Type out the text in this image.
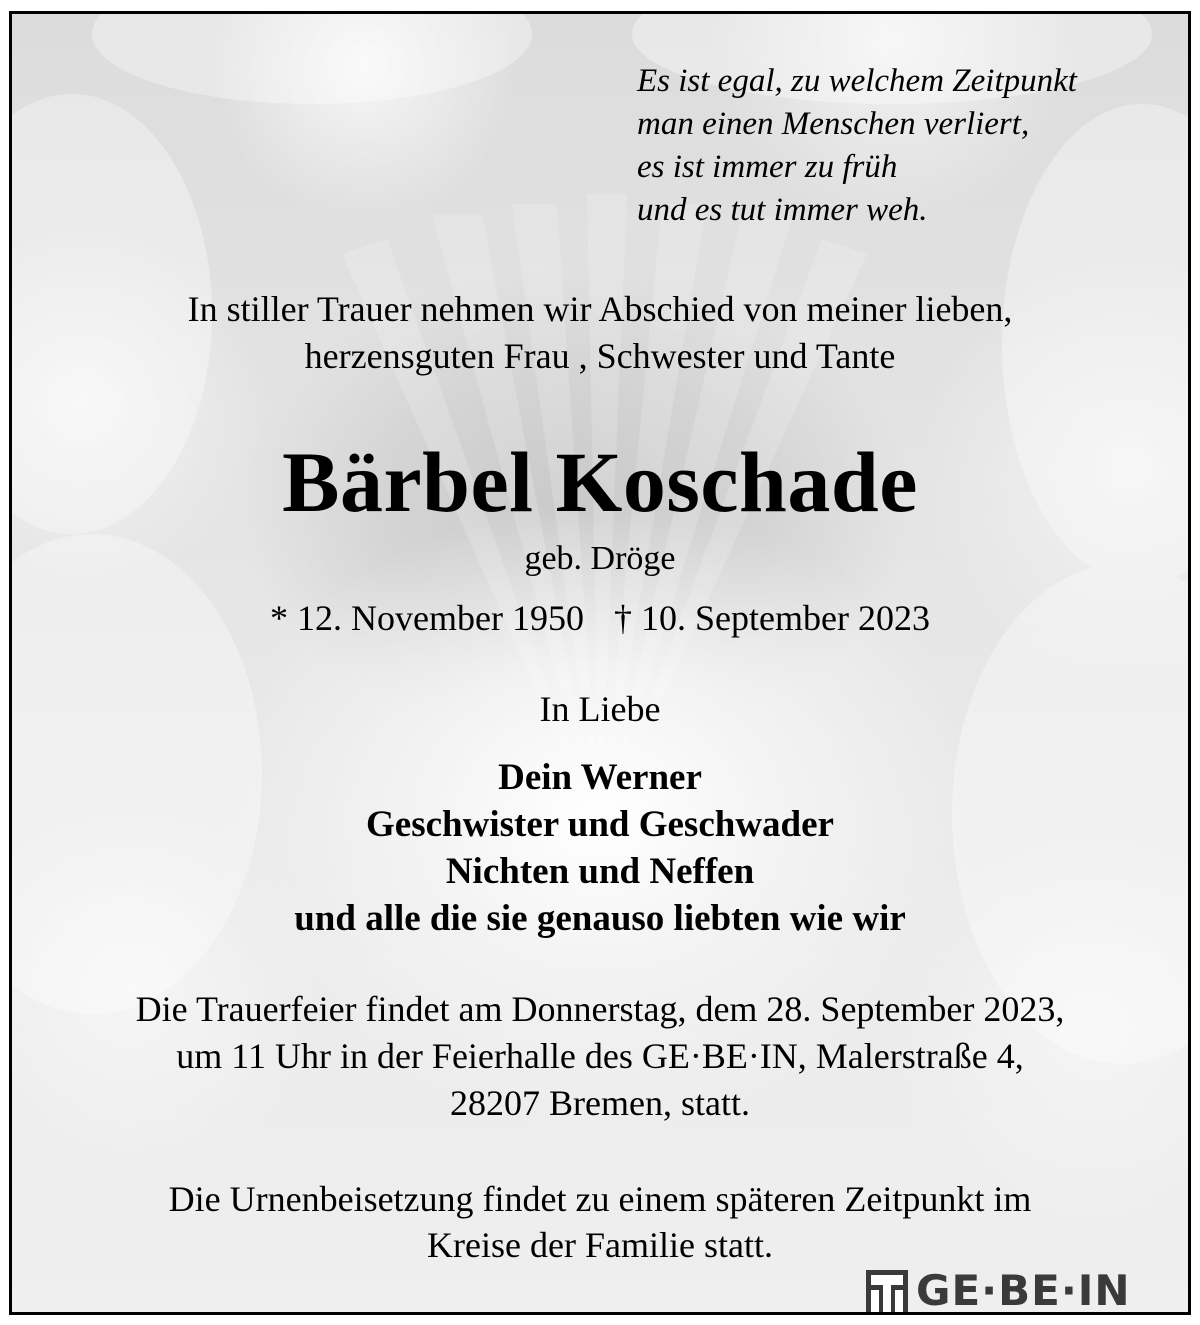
Es ist egal, zu welchem Zeitpunkt
man einen Menschen verliert,
es ist immer zu früh
und es tut immer weh.
In stiller Trauer nehmen wir Abschied von meiner lieben,
herzensguten Frau , Schwester und Tante
Bärbel Koschade
geb. Dröge
* 12. November 1950 † 10. September 2023
In Liebe
Dein Werner
Geschwister und Geschwader
Nichten und Neffen
und alle die sie genauso liebten wie wir
Die Trauerfeier findet am Donnerstag, dem 28. September 2023,
um 11 Uhr in der Feierhalle des GE·BE·IN, Malerstraße 4,
28207 Bremen, statt.
Die Urnenbeisetzung findet zu einem späteren Zeitpunkt im
Kreise der Familie statt.
GE·BE·IN
